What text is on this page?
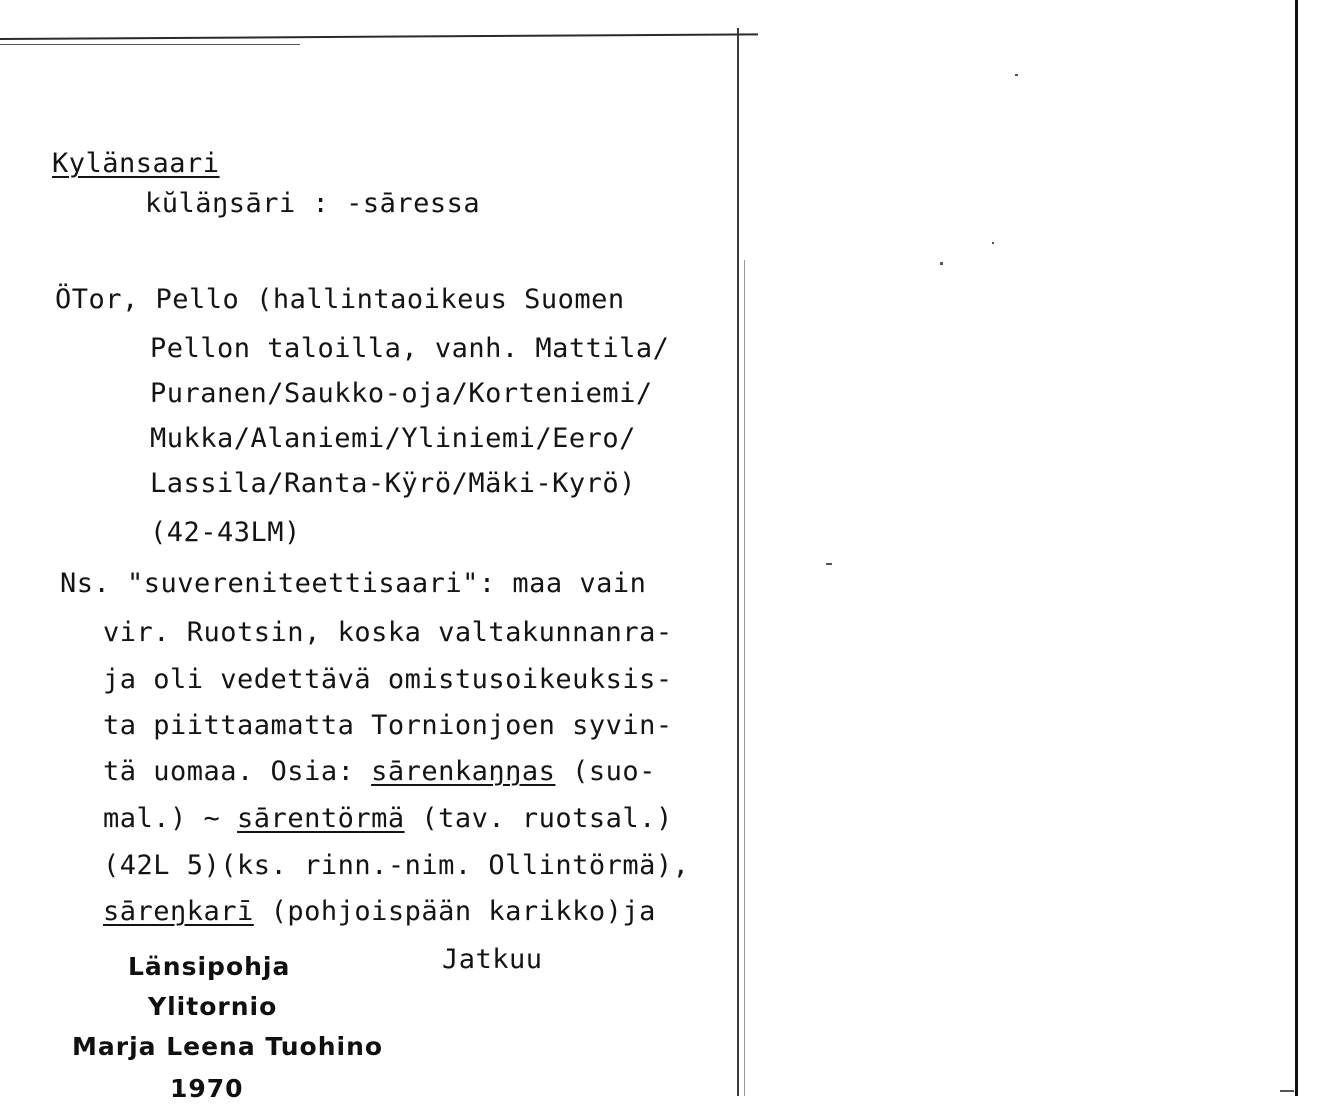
Kylänsaari
kŭläŋsāri : -sāressa
ÖTor, Pello (hallintaoikeus Suomen
Pellon taloilla, vanh. Mattila/
Puranen/Saukko-oja/Korteniemi/
Mukka/Alaniemi/Yliniemi/Eero/
Lassila/Ranta-Kÿrö/Mäki-Kyrö)
(42-43LM)
Ns. "suvereniteettisaari": maa vain
vir. Ruotsin, koska valtakunnanra-
ja oli vedettävä omistusoikeuksis-
ta piittaamatta Tornionjoen syvin-
tä uomaa. Osia: sārenkaŋŋas (suo-
mal.) ~ sārentörmä (tav. ruotsal.)
(42L 5)(ks. rinn.-nim. Ollintörmä),
sāreŋkarī (pohjoispään karikko)ja
Jatkuu
Länsipohja
Ylitornio
Marja Leena Tuohino
1970
